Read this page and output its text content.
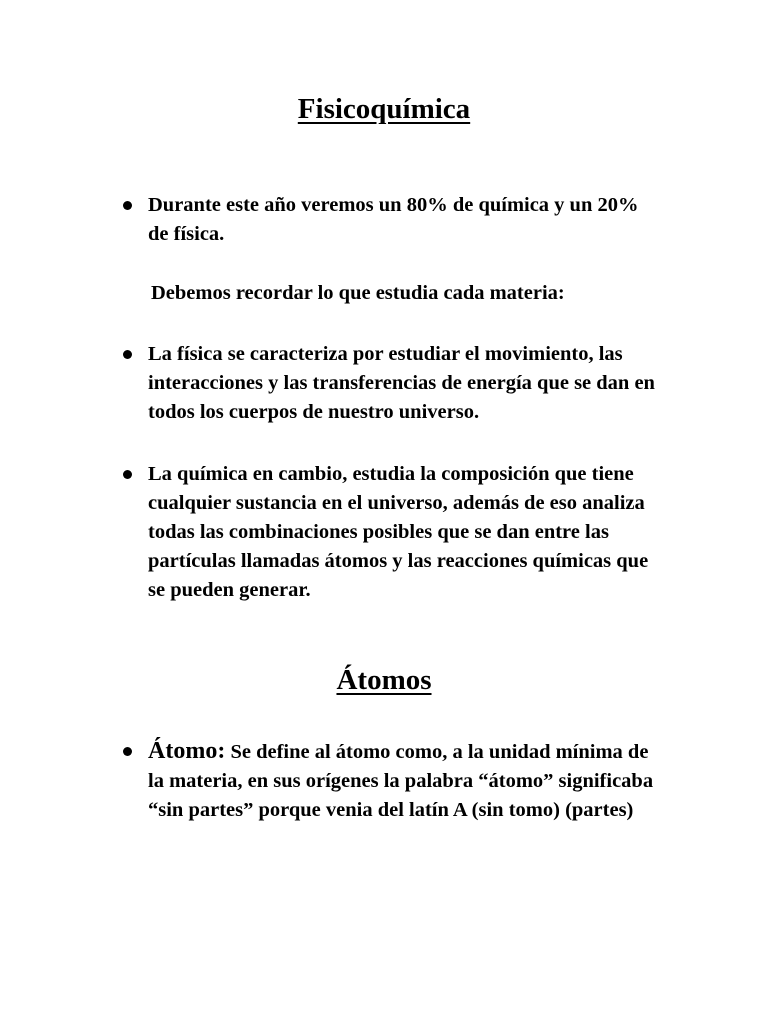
Fisicoquímica
Durante este año veremos un 80% de química y un 20% de física.

Debemos recordar lo que estudia cada materia:

La física se caracteriza por estudiar el movimiento, las interacciones y las transferencias de energía que se dan en todos los cuerpos de nuestro universo.
La química en cambio, estudia la composición que tiene cualquier sustancia en el universo, además de eso analiza todas las combinaciones posibles que se dan entre las partículas llamadas átomos y las reacciones químicas que se pueden generar.
Átomos
Átomo: Se define al átomo como, a la unidad mínima de la materia, en sus orígenes la palabra “átomo” significaba “sin partes” porque venia del latín A (sin tomo) (partes)
